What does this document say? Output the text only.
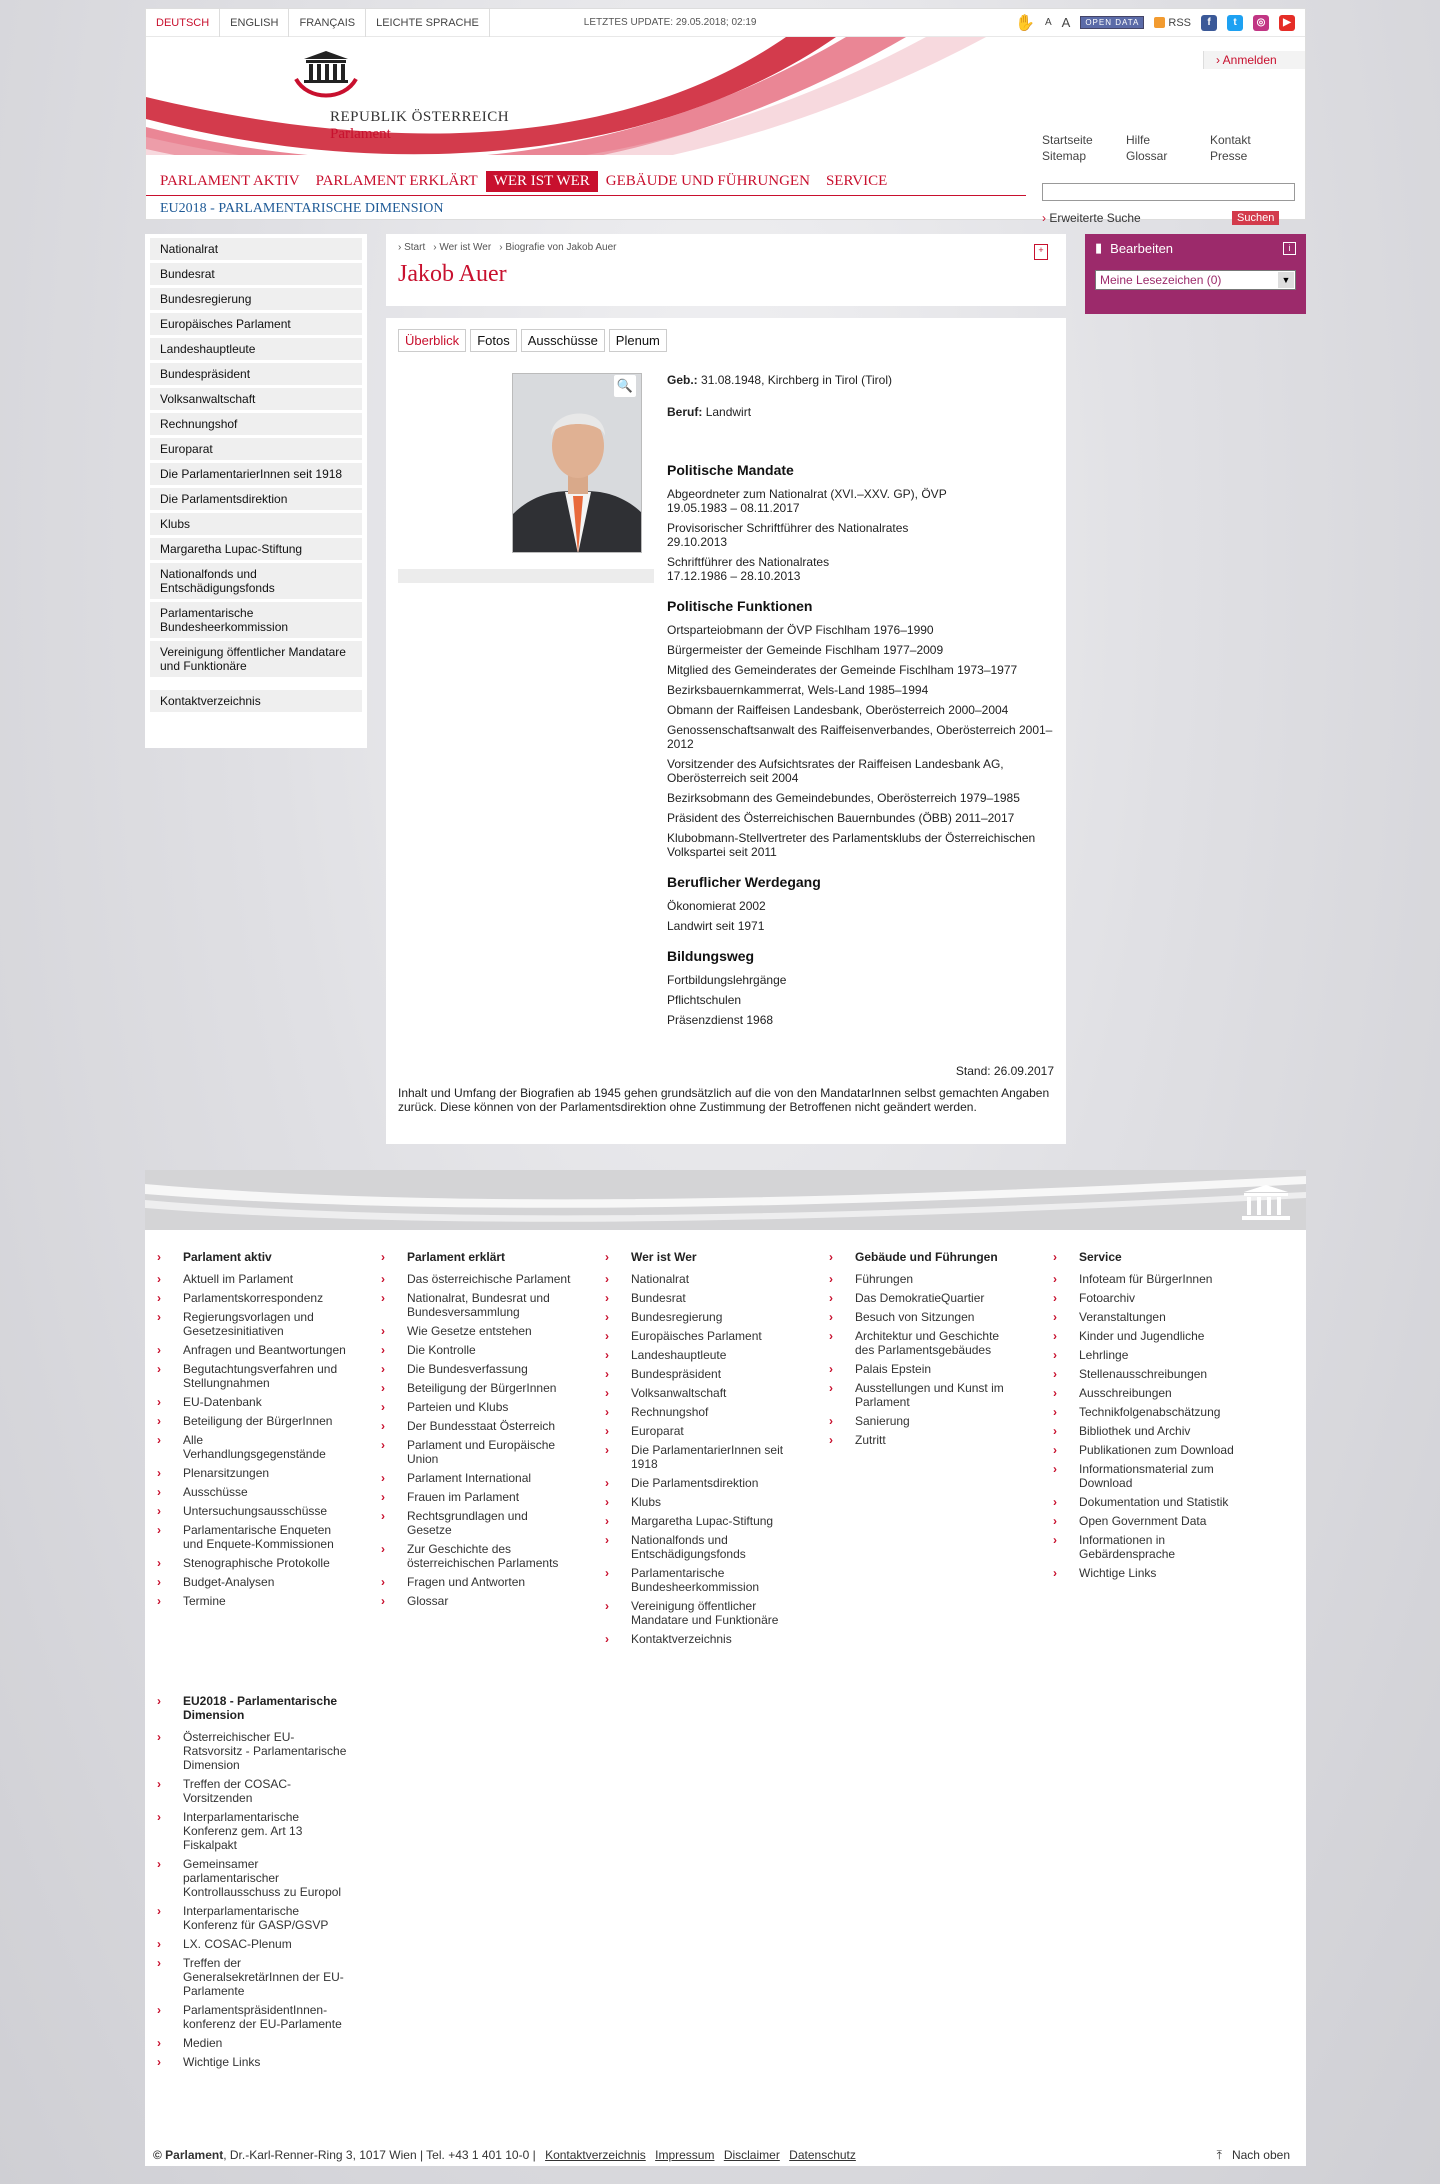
DEUTSCH	ENGLISH	FRANÇAIS	LEICHTE SPRACHE	LETZTES UPDATE: 29.05.2018; 02:19	✋ A A	OPEN DATA	RSS	f	t	◎	▶
REPUBLIK ÖSTERREICH
Parlament
› Anmelden
Startseite	Hilfe	Kontakt
Sitemap	Glossar	Presse
PARLAMENT AKTIV	PARLAMENT ERKLÄRT	WER IST WER	GEBÄUDE UND FÜHRUNGEN	SERVICE
EU2018 - PARLAMENTARISCHE DIMENSION
› Erweiterte Suche	Suchen
Nationalrat
Bundesrat
Bundesregierung
Europäisches Parlament
Landeshauptleute
Bundespräsident
Volksanwaltschaft
Rechnungshof
Europarat
Die ParlamentarierInnen seit 1918
Die Parlamentsdirektion
Klubs
Margaretha Lupac-Stiftung
Nationalfonds und Entschädigungsfonds
Parlamentarische Bundesheerkommission
Vereinigung öffentlicher Mandatare und Funktionäre
Kontaktverzeichnis
› Start	› Wer ist Wer	› Biografie von Jakob Auer
Jakob Auer
+
Überblick	Fotos	Ausschüsse	Plenum
🔍	Geb.: 31.08.1948, Kirchberg in Tirol (Tirol)
Beruf: Landwirt
Politische Mandate
Abgeordneter zum Nationalrat (XVI.–XXV. GP), ÖVP
19.05.1983 – 08.11.2017
Provisorischer Schriftführer des Nationalrates
29.10.2013
Schriftführer des Nationalrates
17.12.1986 – 28.10.2013
Politische Funktionen
Ortsparteiobmann der ÖVP Fischlham 1976–1990
Bürgermeister der Gemeinde Fischlham 1977–2009
Mitglied des Gemeinderates der Gemeinde Fischlham 1973–1977
Bezirksbauernkammerrat, Wels-Land 1985–1994
Obmann der Raiffeisen Landesbank, Oberösterreich 2000–2004
Genossenschaftsanwalt des Raiffeisenverbandes, Oberösterreich 2001–2012
Vorsitzender des Aufsichtsrates der Raiffeisen Landesbank AG, Oberösterreich seit 2004
Bezirksobmann des Gemeindebundes, Oberösterreich 1979–1985
Präsident des Österreichischen Bauernbundes (ÖBB) 2011–2017
Klubobmann-Stellvertreter des Parlamentsklubs der Österreichischen Volkspartei seit 2011
Beruflicher Werdegang
Ökonomierat 2002
Landwirt seit 1971
Bildungsweg
Fortbildungslehrgänge
Pflichtschulen
Präsenzdienst 1968
Stand: 26.09.2017
Inhalt und Umfang der Biografien ab 1945 gehen grundsätzlich auf die von den MandatarInnen selbst gemachten Angaben zurück. Diese können von der Parlamentsdirektion ohne Zustimmung der Betroffenen nicht geändert werden.
▮ Bearbeiten	i
Meine Lesezeichen (0)	▼
› Parlament aktiv
› Aktuell im Parlament
› Parlamentskorrespondenz
› Regierungsvorlagen und Gesetzesinitiativen
› Anfragen und Beantwortungen
› Begutachtungsverfahren und Stellungnahmen
› EU-Datenbank
› Beteiligung der BürgerInnen
› Alle Verhandlungsgegenstände
› Plenarsitzungen
› Ausschüsse
› Untersuchungsausschüsse
› Parlamentarische Enqueten und Enquete-Kommissionen
› Stenographische Protokolle
› Budget-Analysen
› Termine
› Parlament erklärt
› Das österreichische Parlament
› Nationalrat, Bundesrat und Bundesversammlung
› Wie Gesetze entstehen
› Die Kontrolle
› Die Bundesverfassung
› Beteiligung der BürgerInnen
› Parteien und Klubs
› Der Bundesstaat Österreich
› Parlament und Europäische Union
› Parlament International
› Frauen im Parlament
› Rechtsgrundlagen und Gesetze
› Zur Geschichte des österreichischen Parlaments
› Fragen und Antworten
› Glossar
› Wer ist Wer
› Nationalrat
› Bundesrat
› Bundesregierung
› Europäisches Parlament
› Landeshauptleute
› Bundespräsident
› Volksanwaltschaft
› Rechnungshof
› Europarat
› Die ParlamentarierInnen seit 1918
› Die Parlamentsdirektion
› Klubs
› Margaretha Lupac-Stiftung
› Nationalfonds und Entschädigungsfonds
› Parlamentarische Bundesheerkommission
› Vereinigung öffentlicher Mandatare und Funktionäre
› Kontaktverzeichnis
› Gebäude und Führungen
› Führungen
› Das DemokratieQuartier
› Besuch von Sitzungen
› Architektur und Geschichte des Parlamentsgebäudes
› Palais Epstein
› Ausstellungen und Kunst im Parlament
› Sanierung
› Zutritt
› Service
› Infoteam für BürgerInnen
› Fotoarchiv
› Veranstaltungen
› Kinder und Jugendliche
› Lehrlinge
› Stellenausschreibungen
› Ausschreibungen
› Technikfolgenabschätzung
› Bibliothek und Archiv
› Publikationen zum Download
› Informationsmaterial zum Download
› Dokumentation und Statistik
› Open Government Data
› Informationen in Gebärdensprache
› Wichtige Links
› EU2018 - Parlamentarische Dimension
› Österreichischer EU-Ratsvorsitz - Parlamentarische Dimension
› Treffen der COSAC-Vorsitzenden
› Interparlamentarische Konferenz gem. Art 13 Fiskalpakt
› Gemeinsamer parlamentarischer Kontrollausschuss zu Europol
› Interparlamentarische Konferenz für GASP/GSVP
› LX. COSAC-Plenum
› Treffen der GeneralsekretärInnen der EU-Parlamente
› ParlamentspräsidentInnen-konferenz der EU-Parlamente
› Medien
› Wichtige Links
© Parlament, Dr.-Karl-Renner-Ring 3, 1017 Wien | Tel. +43 1 401 10-0 | Kontaktverzeichnis Impressum Disclaimer Datenschutz	⤒ Nach oben
